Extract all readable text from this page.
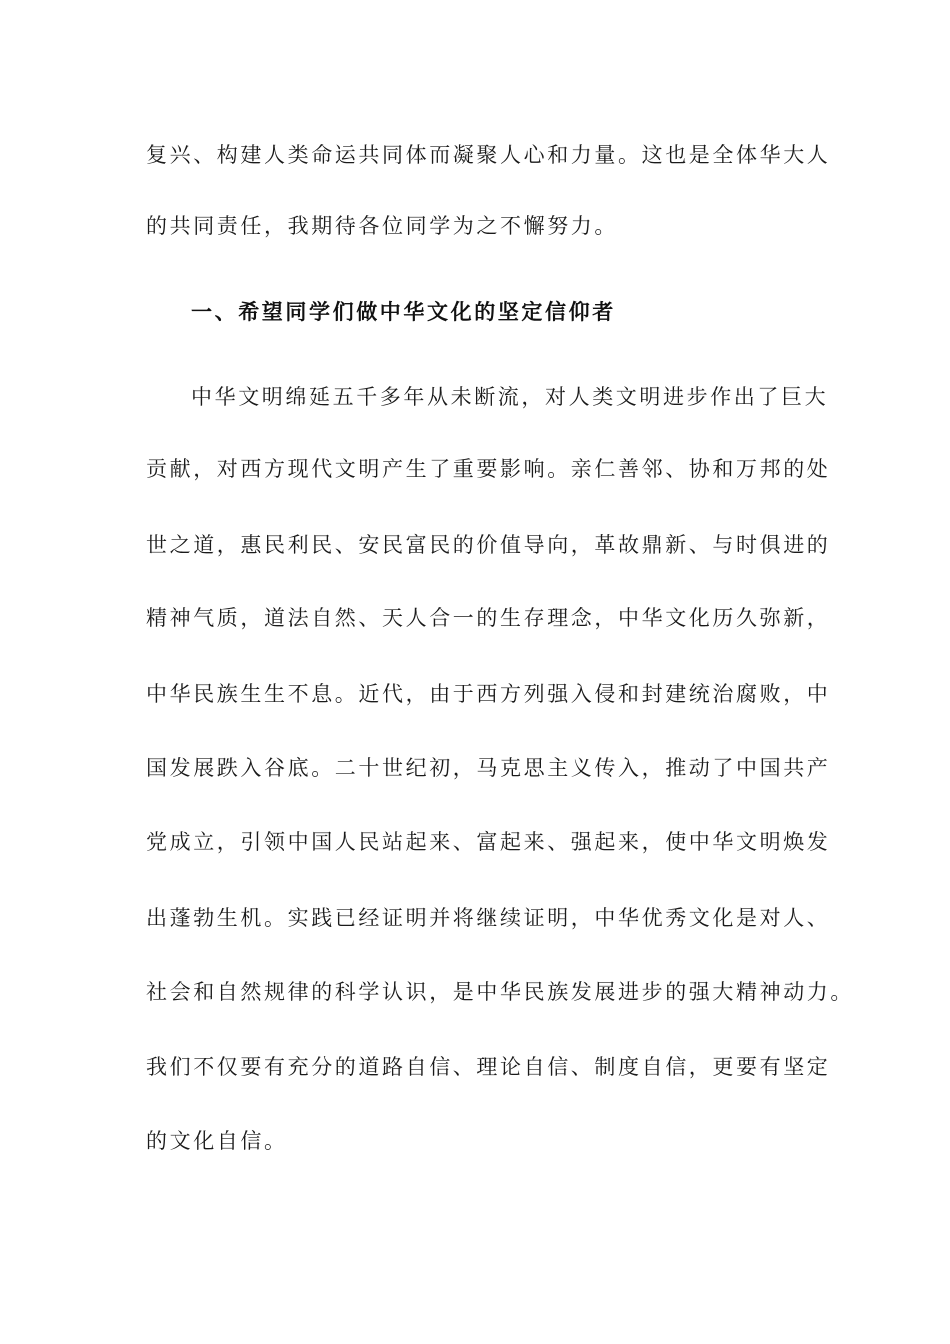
复兴、构建人类命运共同体而凝聚人心和力量。这也是全体华大人
的共同责任，我期待各位同学为之不懈努力。
一、希望同学们做中华文化的坚定信仰者
中华文明绵延五千多年从未断流，对人类文明进步作出了巨大
贡献，对西方现代文明产生了重要影响。亲仁善邻、协和万邦的处
世之道，惠民利民、安民富民的价值导向，革故鼎新、与时俱进的
精神气质，道法自然、天人合一的生存理念，中华文化历久弥新，
中华民族生生不息。近代，由于西方列强入侵和封建统治腐败，中
国发展跌入谷底。二十世纪初，马克思主义传入，推动了中国共产
党成立，引领中国人民站起来、富起来、强起来，使中华文明焕发
出蓬勃生机。实践已经证明并将继续证明，中华优秀文化是对人、
社会和自然规律的科学认识，是中华民族发展进步的强大精神动力。
我们不仅要有充分的道路自信、理论自信、制度自信，更要有坚定
的文化自信。
